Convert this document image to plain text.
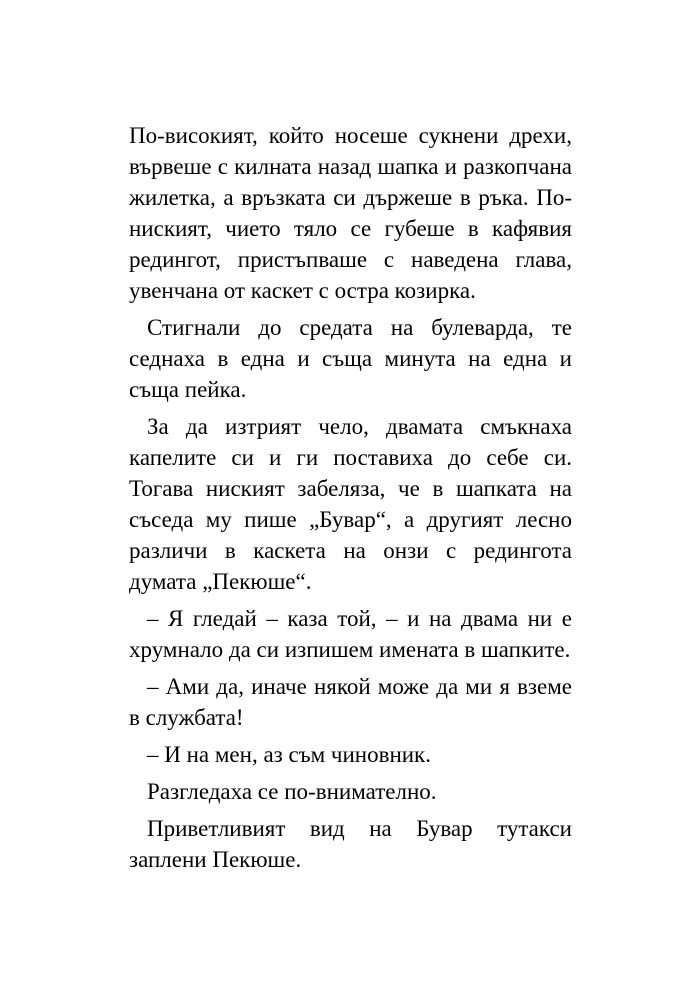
По-високият, който носеше сукнени дрехи, вървеше с килната назад шапка и разкопчана жилетка, а връзката си държеше в ръка. По-ниският, чието тяло се губеше в кафявия редингот, пристъпваше с наведена глава, увенчана от каскет с остра козирка.

Стигнали до средата на булеварда, те седнаха в една и съща минута на една и съща пейка.

За да изтрият чело, двамата смъкнаха капелите си и ги поставиха до себе си. Тогава ниският забеляза, че в шапката на съседа му пише „Бувар“, а другият лесно различи в каскета на онзи с редингота думата „Пекюше“.

– Я гледай – каза той, – и на двама ни е хрумнало да си изпишем имената в шапките.

– Ами да, иначе някой може да ми я вземе в службата!

– И на мен, аз съм чиновник.

Разгледаха се по-внимателно.

Приветливият вид на Бувар тутакси заплени Пекюше.
